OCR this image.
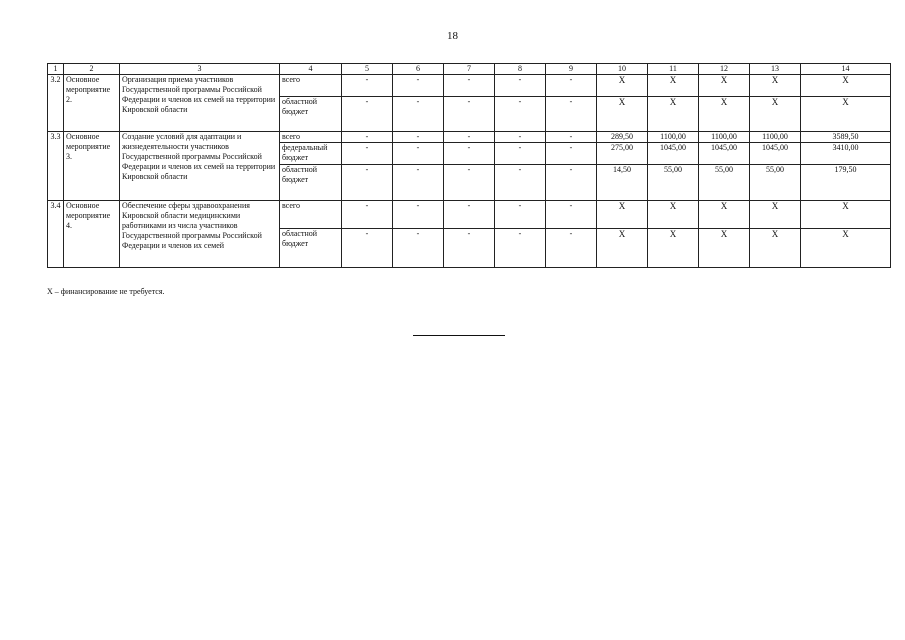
18
1	2	3	4	5	6	7	8	9	10	11	12	13	14
3.2	Основное мероприятие 2.	Организация приема участников Государственной программы Российской Федерации и членов их семей на территории Кировской области	всего	-	-	-	-	-	X	X	X	X	X
			областной бюджет	-	-	-	-	-	X	X	X	X	X
3.3	Основное мероприятие 3.	Создание условий для адаптации и жизнедеятельности участников Государственной программы Российской Федерации и членов их семей на территории Кировской области	всего	-	-	-	-	-	289,50	1100,00	1100,00	1100,00	3589,50
			федеральный бюджет	-	-	-	-	-	275,00	1045,00	1045,00	1045,00	3410,00
			областной бюджет	-	-	-	-	-	14,50	55,00	55,00	55,00	179,50
3.4	Основное мероприятие 4.	Обеспечение сферы здравоохранения Кировской области медицинскими работниками из числа участников Государственной программы Российской Федерации и членов их семей	всего	-	-	-	-	-	X	X	X	X	X
			областной бюджет	-	-	-	-	-	X	X	X	X	X
X – финансирование не требуется.
